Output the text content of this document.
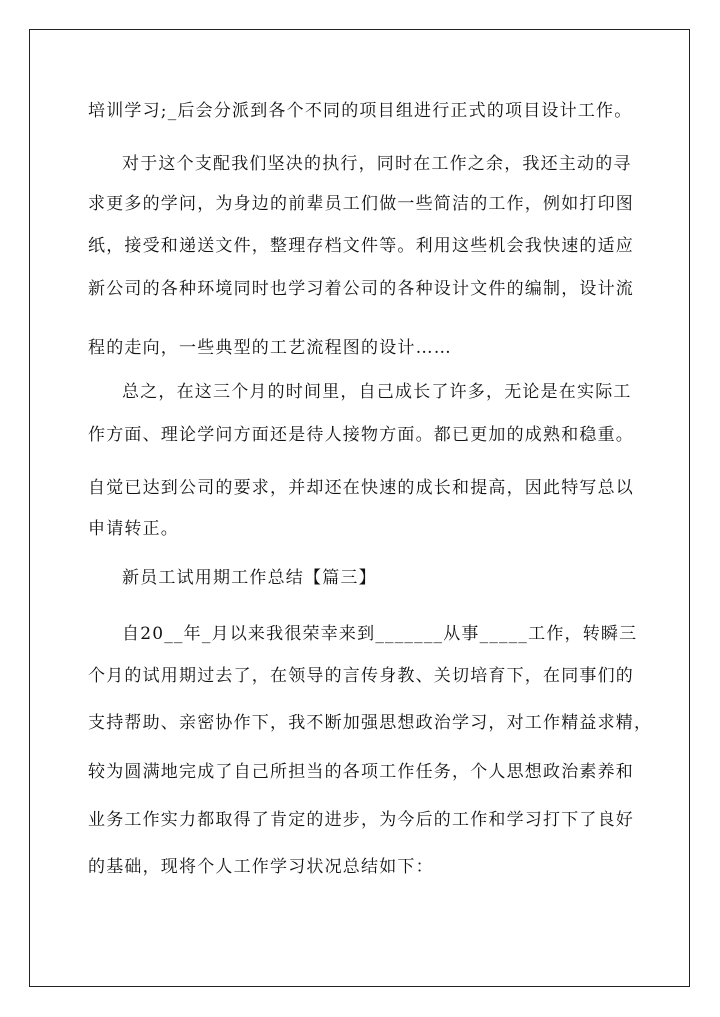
培训学习;_后会分派到各个不同的项目组进行正式的项目设计工作。
对于这个支配我们坚决的执行，同时在工作之余，我还主动的寻
求更多的学问，为身边的前辈员工们做一些简洁的工作，例如打印图
纸，接受和递送文件，整理存档文件等。利用这些机会我快速的适应
新公司的各种环境同时也学习着公司的各种设计文件的编制，设计流
程的走向，一些典型的工艺流程图的设计……
总之，在这三个月的时间里，自己成长了许多，无论是在实际工
作方面、理论学问方面还是待人接物方面。都已更加的成熟和稳重。
自觉已达到公司的要求，并却还在快速的成长和提高，因此特写总以
申请转正。
新员工试用期工作总结【篇三】
自20__年_月以来我很荣幸来到_______从事_____工作，转瞬三
个月的试用期过去了，在领导的言传身教、关切培育下，在同事们的
支持帮助、亲密协作下，我不断加强思想政治学习，对工作精益求精，
较为圆满地完成了自己所担当的各项工作任务，个人思想政治素养和
业务工作实力都取得了肯定的进步，为今后的工作和学习打下了良好
的基础，现将个人工作学习状况总结如下：
